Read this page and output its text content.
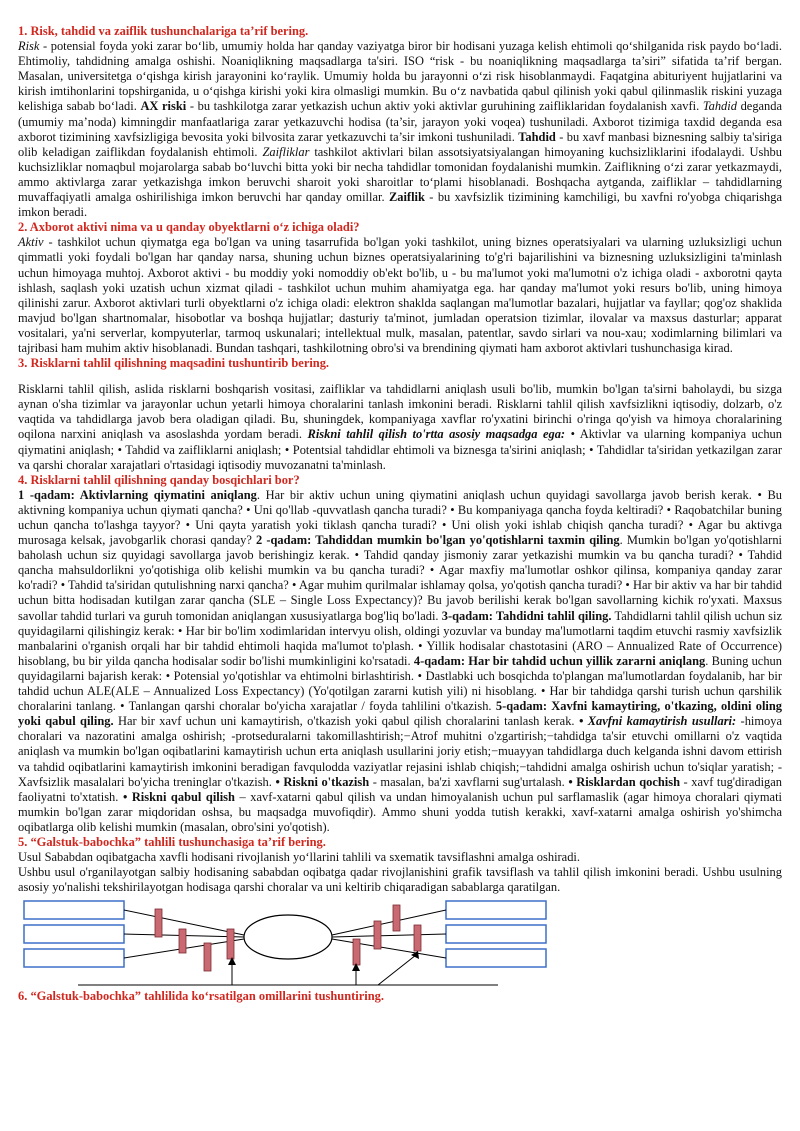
1. Risk, tahdid va zaiflik tushunchalariga ta’rif bering.

Risk - potensial foyda yoki zarar bo‘lib, umumiy holda har qanday vaziyatga biror bir hodisani yuzaga kelish ehtimoli qo‘shilganida risk paydo bo‘ladi. Ehtimoliy, tahdidning amalga oshishi. Noaniqlikning maqsadlarga ta'siri. ISO “risk - bu noaniqlikning maqsadlarga ta’siri” sifatida ta’rif bergan. Masalan, universitetga o‘qishga kirish jarayonini ko‘raylik. Umumiy holda bu jarayonni o‘zi risk hisoblanmaydi. Faqatgina abituriyent hujjatlarini va kirish imtihonlarini topshirganida, u o‘qishga kirishi yoki kira olmasligi mumkin. Bu o‘z navbatida qabul qilinish yoki qabul qilinmaslik riskini yuzaga kelishiga sabab bo‘ladi. AX riski - bu tashkilotga zarar yetkazish uchun aktiv yoki aktivlar guruhining zaifliklaridan foydalanish xavfi. Tahdid deganda (umumiy ma’noda) kimningdir manfaatlariga zarar yetkazuvchi hodisa (ta’sir, jarayon yoki voqea) tushuniladi. Axborot tizimiga taxdid deganda esa axborot tizimining xavfsizligiga bevosita yoki bilvosita zarar yetkazuvchi ta’sir imkoni tushuniladi. Tahdid - bu xavf manbasi biznesning salbiy ta'siriga olib keladigan zaiflikdan foydalanish ehtimoli. Zaifliklar tashkilot aktivlari bilan assotsiyatsiyalangan himoyaning kuchsizliklarini ifodalaydi. Ushbu kuchsizliklar nomaqbul mojarolarga sabab bo‘luvchi bitta yoki bir necha tahdidlar tomonidan foydalanishi mumkin. Zaiflikning o‘zi zarar yetkazmaydi, ammo aktivlarga zarar yetkazishga imkon beruvchi sharoit yoki sharoitlar to‘plami hisoblanadi. Boshqacha aytganda, zaifliklar – tahdidlarning muvaffaqiyatli amalga oshirilishiga imkon beruvchi har qanday omillar. Zaiflik - bu xavfsizlik tizimining kamchiligi, bu xavfni ro'yobga chiqarishga imkon beradi.

2. Axborot aktivi nima va u qanday obyektlarni o‘z ichiga oladi?

Aktiv - tashkilot uchun qiymatga ega bo'lgan va uning tasarrufida bo'lgan yoki tashkilot, uning biznes operatsiyalari va ularning uzluksizligi uchun qimmatli yoki foydali bo'lgan har qanday narsa, shuning uchun biznes operatsiyalarining to'g'ri bajarilishini va biznesning uzluksizligini ta'minlash uchun himoyaga muhtoj. Axborot aktivi - bu moddiy yoki nomoddiy ob'ekt bo'lib, u - bu ma'lumot yoki ma'lumotni o'z ichiga oladi - axborotni qayta ishlash, saqlash yoki uzatish uchun xizmat qiladi - tashkilot uchun muhim ahamiyatga ega. har qanday ma'lumot yoki resurs bo'lib, uning himoya qilinishi zarur. Axborot aktivlari turli obyektlarni o'z ichiga oladi: elektron shaklda saqlangan ma'lumotlar bazalari, hujjatlar va fayllar; qog'oz shaklida mavjud bo'lgan shartnomalar, hisobotlar va boshqa hujjatlar; dasturiy ta'minot, jumladan operatsion tizimlar, ilovalar va maxsus dasturlar; apparat vositalari, ya'ni serverlar, kompyuterlar, tarmoq uskunalari; intellektual mulk, masalan, patentlar, savdo sirlari va nou-xau; xodimlarning bilimlari va tajribasi ham muhim aktiv hisoblanadi. Bundan tashqari, tashkilotning obro'si va brendining qiymati ham axborot aktivlari tushunchasiga kirad.

3. Risklarni tahlil qilishning maqsadini tushuntirib bering.

Risklarni tahlil qilish, aslida risklarni boshqarish vositasi, zaifliklar va tahdidlarni aniqlash usuli bo'lib, mumkin bo'lgan ta'sirni baholaydi, bu sizga aynan o'sha tizimlar va jarayonlar uchun yetarli himoya choralarini tanlash imkonini beradi. Risklarni tahlil qilish xavfsizlikni iqtisodiy, dolzarb, o'z vaqtida va tahdidlarga javob bera oladigan qiladi. Bu, shuningdek, kompaniyaga xavflar ro'yxatini birinchi o'ringa qo'yish va himoya choralarining oqilona narxini aniqlash va asoslashda yordam beradi. Riskni tahlil qilish to'rtta asosiy maqsadga ega: • Aktivlar va ularning kompaniya uchun qiymatini aniqlash; • Tahdid va zaifliklarni aniqlash; • Potentsial tahdidlar ehtimoli va biznesga ta'sirini aniqlash; • Tahdidlar ta'siridan yetkazilgan zarar va qarshi choralar xarajatlari o'rtasidagi iqtisodiy muvozanatni ta'minlash.

4. Risklarni tahlil qilishning qanday bosqichlari bor?

1 -qadam: Aktivlarning qiymatini aniqlang. Har bir aktiv uchun uning qiymatini aniqlash uchun quyidagi savollarga javob berish kerak. • Bu aktivning kompaniya uchun qiymati qancha? • Uni qo'llab -quvvatlash qancha turadi? • Bu kompaniyaga qancha foyda keltiradi? • Raqobatchilar buning uchun qancha to'lashga tayyor? • Uni qayta yaratish yoki tiklash qancha turadi? • Uni olish yoki ishlab chiqish qancha turadi? • Agar bu aktivga murosaga kelsak, javobgarlik chorasi qanday? 2 -qadam: Tahdiddan mumkin bo'lgan yo'qotishlarni taxmin qiling. Mumkin bo'lgan yo'qotishlarni baholash uchun siz quyidagi savollarga javob berishingiz kerak. • Tahdid qanday jismoniy zarar yetkazishi mumkin va bu qancha turadi? • Tahdid qancha mahsuldorlikni yo'qotishiga olib kelishi mumkin va bu qancha turadi? • Agar maxfiy ma'lumotlar oshkor qilinsa, kompaniya qanday zarar ko'radi? • Tahdid ta'siridan qutulishning narxi qancha? • Agar muhim qurilmalar ishlamay qolsa, yo'qotish qancha turadi? • Har bir aktiv va har bir tahdid uchun bitta hodisadan kutilgan zarar qancha (SLE – Single Loss Expectancy)? Bu javob berilishi kerak bo'lgan savollarning kichik ro'yxati. Maxsus savollar tahdid turlari va guruh tomonidan aniqlangan xususiyatlarga bog'liq bo'ladi. 3-qadam: Tahdidni tahlil qiling. Tahdidlarni tahlil qilish uchun siz quyidagilarni qilishingiz kerak: • Har bir bo'lim xodimlaridan intervyu olish, oldingi yozuvlar va bunday ma'lumotlarni taqdim etuvchi rasmiy xavfsizlik manbalarini o'rganish orqali har bir tahdid ehtimoli haqida ma'lumot to'plash. • Yillik hodisalar chastotasini (ARO – Annualized Rate of Occurrence) hisoblang, bu bir yilda qancha hodisalar sodir bo'lishi mumkinligini ko'rsatadi. 4-qadam: Har bir tahdid uchun yillik zararni aniqlang. Buning uchun quyidagilarni bajarish kerak: • Potensial yo'qotishlar va ehtimolni birlashtirish. • Dastlabki uch bosqichda to'plangan ma'lumotlardan foydalanib, har bir tahdid uchun ALE(ALE – Annualized Loss Expectancy) (Yo'qotilgan zararni kutish yili) ni hisoblang. • Har bir tahdidga qarshi turish uchun qarshilik choralarini tanlang. • Tanlangan qarshi choralar bo'yicha xarajatlar / foyda tahlilini o'tkazish. 5-qadam: Xavfni kamaytiring, o'tkazing, oldini oling yoki qabul qiling. Har bir xavf uchun uni kamaytirish, o'tkazish yoki qabul qilish choralarini tanlash kerak. • Xavfni kamaytirish usullari: -himoya choralari va nazoratini amalga oshirish; -protseduralarni takomillashtirish;−Atrof muhitni o'zgartirish;−tahdidga ta'sir etuvchi omillarni o'z vaqtida aniqlash va mumkin bo'lgan oqibatlarini kamaytirish uchun erta aniqlash usullarini joriy etish;−muayyan tahdidlarga duch kelganda ishni davom ettirish va tahdid oqibatlarini kamaytirish imkonini beradigan favqulodda vaziyatlar rejasini ishlab chiqish;−tahdidni amalga oshirish uchun to'siqlar yaratish; -Xavfsizlik masalalari bo'yicha treninglar o'tkazish. • Riskni o'tkazish - masalan, ba'zi xavflarni sug'urtalash. • Risklardan qochish - xavf tug'diradigan faoliyatni to'xtatish. • Riskni qabul qilish – xavf-xatarni qabul qilish va undan himoyalanish uchun pul sarflamaslik (agar himoya choralari qiymati mumkin bo'lgan zarar miqdoridan oshsa, bu maqsadga muvofiqdir). Ammo shuni yodda tutish kerakki, xavf-xatarni amalga oshirish yo'shimcha oqibatlarga olib kelishi mumkin (masalan, obro'sini yo'qotish).

5. “Galstuk-babochka” tahlili tushunchasiga ta’rif bering.

Usul Sababdan oqibatgacha xavfli hodisani rivojlanish yo‘llarini tahlili va sxematik tavsiflashni amalga oshiradi.

Ushbu usul o'rganilayotgan salbiy hodisaning sababdan oqibatga qadar rivojlanishini grafik tavsiflash va tahlil qilish imkonini beradi. Ushbu usulning asosiy yo'nalishi tekshirilayotgan hodisaga qarshi choralar va uni keltirib chiqaradigan sabablarga qaratilgan.

6. “Galstuk-babochka” tahlilida ko‘rsatilgan omillarini tushuntiring.
